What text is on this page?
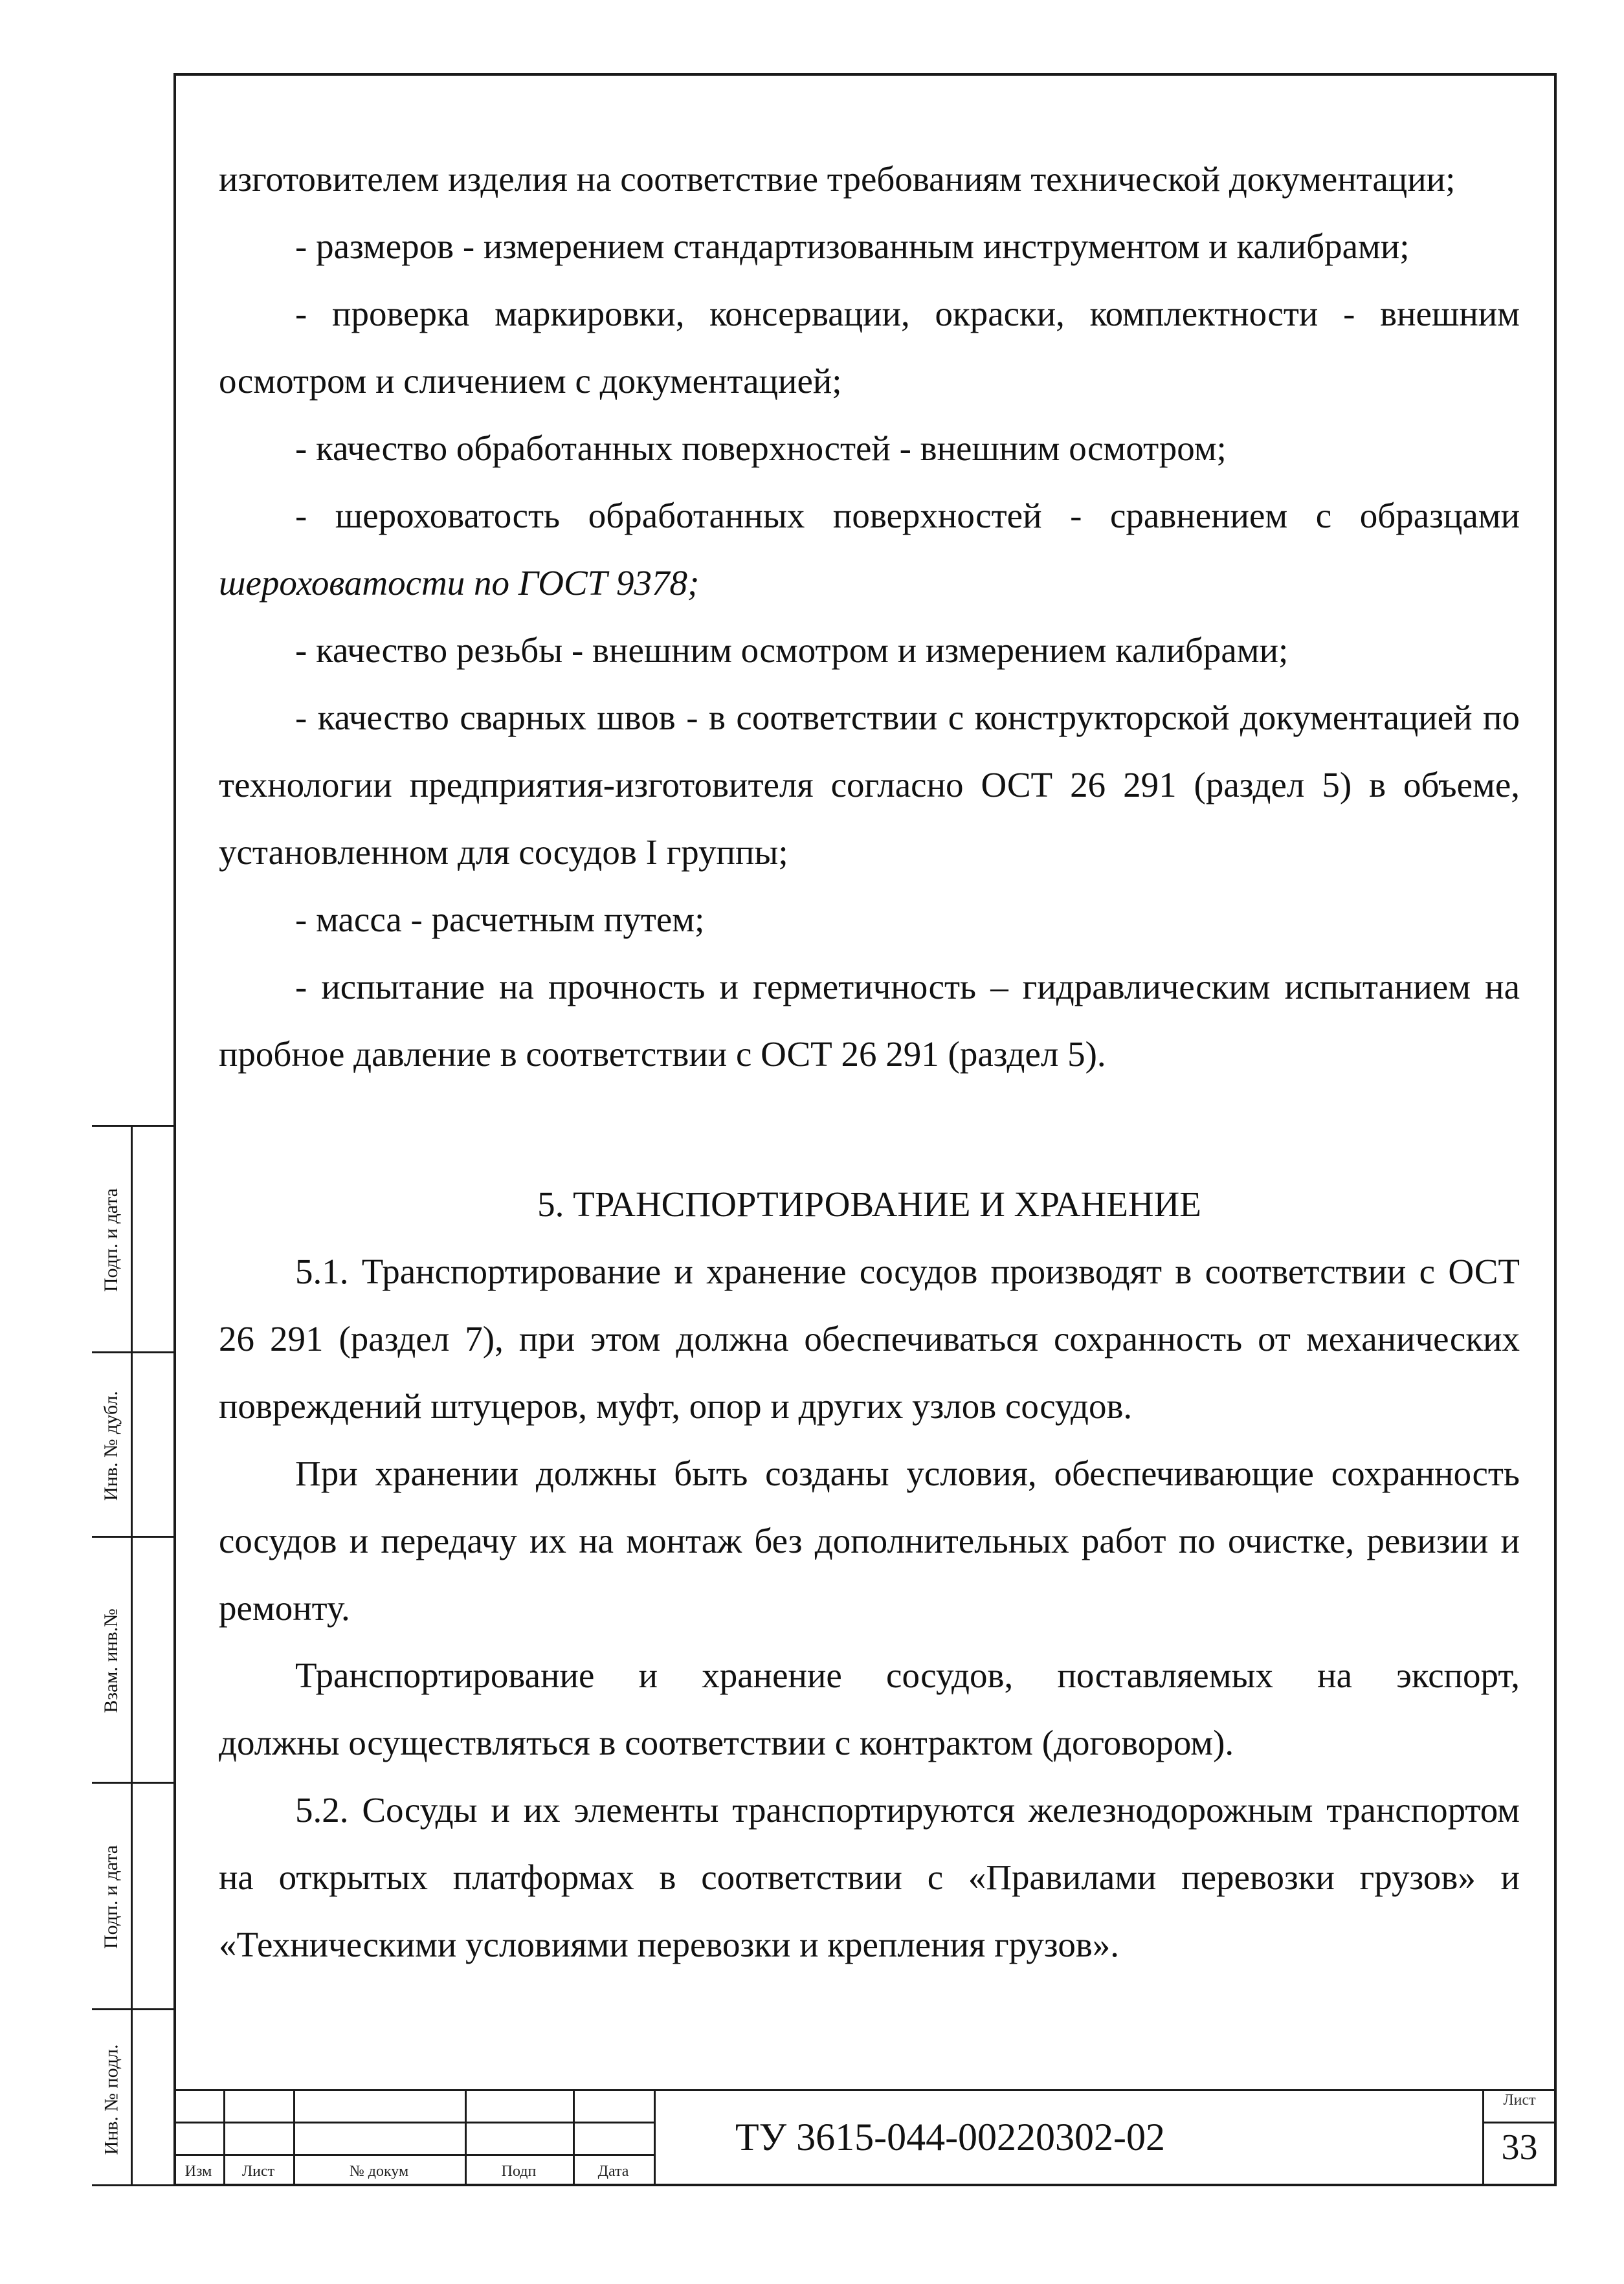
изготовителем изделия на соответствие требованиям технической документации;

- размеров - измерением стандартизованным инструментом и калибрами;

- проверка маркировки, консервации, окраски, комплектности - внешним осмотром и сличением с документацией;

- качество обработанных поверхностей - внешним осмотром;

- шероховатость обработанных поверхностей - сравнением с образцами

шероховатости по ГОСТ 9378;

- качество резьбы - внешним осмотром и измерением калибрами;

- качество сварных швов - в соответствии с конструкторской документацией по технологии предприятия-изготовителя согласно ОСТ 26 291 (раздел 5) в объеме, установленном для сосудов I группы;

- масса - расчетным путем;

- испытание на прочность и герметичность – гидравлическим испытанием на пробное давление в соответствии с ОСТ 26 291 (раздел 5).

5. ТРАНСПОРТИРОВАНИЕ И ХРАНЕНИЕ

5.1. Транспортирование и хранение сосудов производят в соответствии с ОСТ 26 291 (раздел 7), при этом должна обеспечиваться сохранность от механических повреждений штуцеров, муфт, опор и других узлов сосудов.

При хранении должны быть созданы условия, обеспечивающие сохранность сосудов и передачу их на монтаж без дополнительных работ по очистке, ревизии и ремонту.

Транспортирование и хранение сосудов, поставляемых на экспорт,

должны осуществляться в соответствии с контрактом (договором).

5.2. Сосуды и их элементы транспортируются железнодорожным транспортом на открытых платформах в соответствии с «Правилами перевозки грузов» и «Техническими условиями перевозки и крепления грузов».

Подп. и дата
Инв. № дубл.
Взам. инв.№
Подп. и дата
Инв. № подл.
Изм	Лист	№ докум	Подп	Дата
ТУ 3615-044-00220302-02
Лист
33
